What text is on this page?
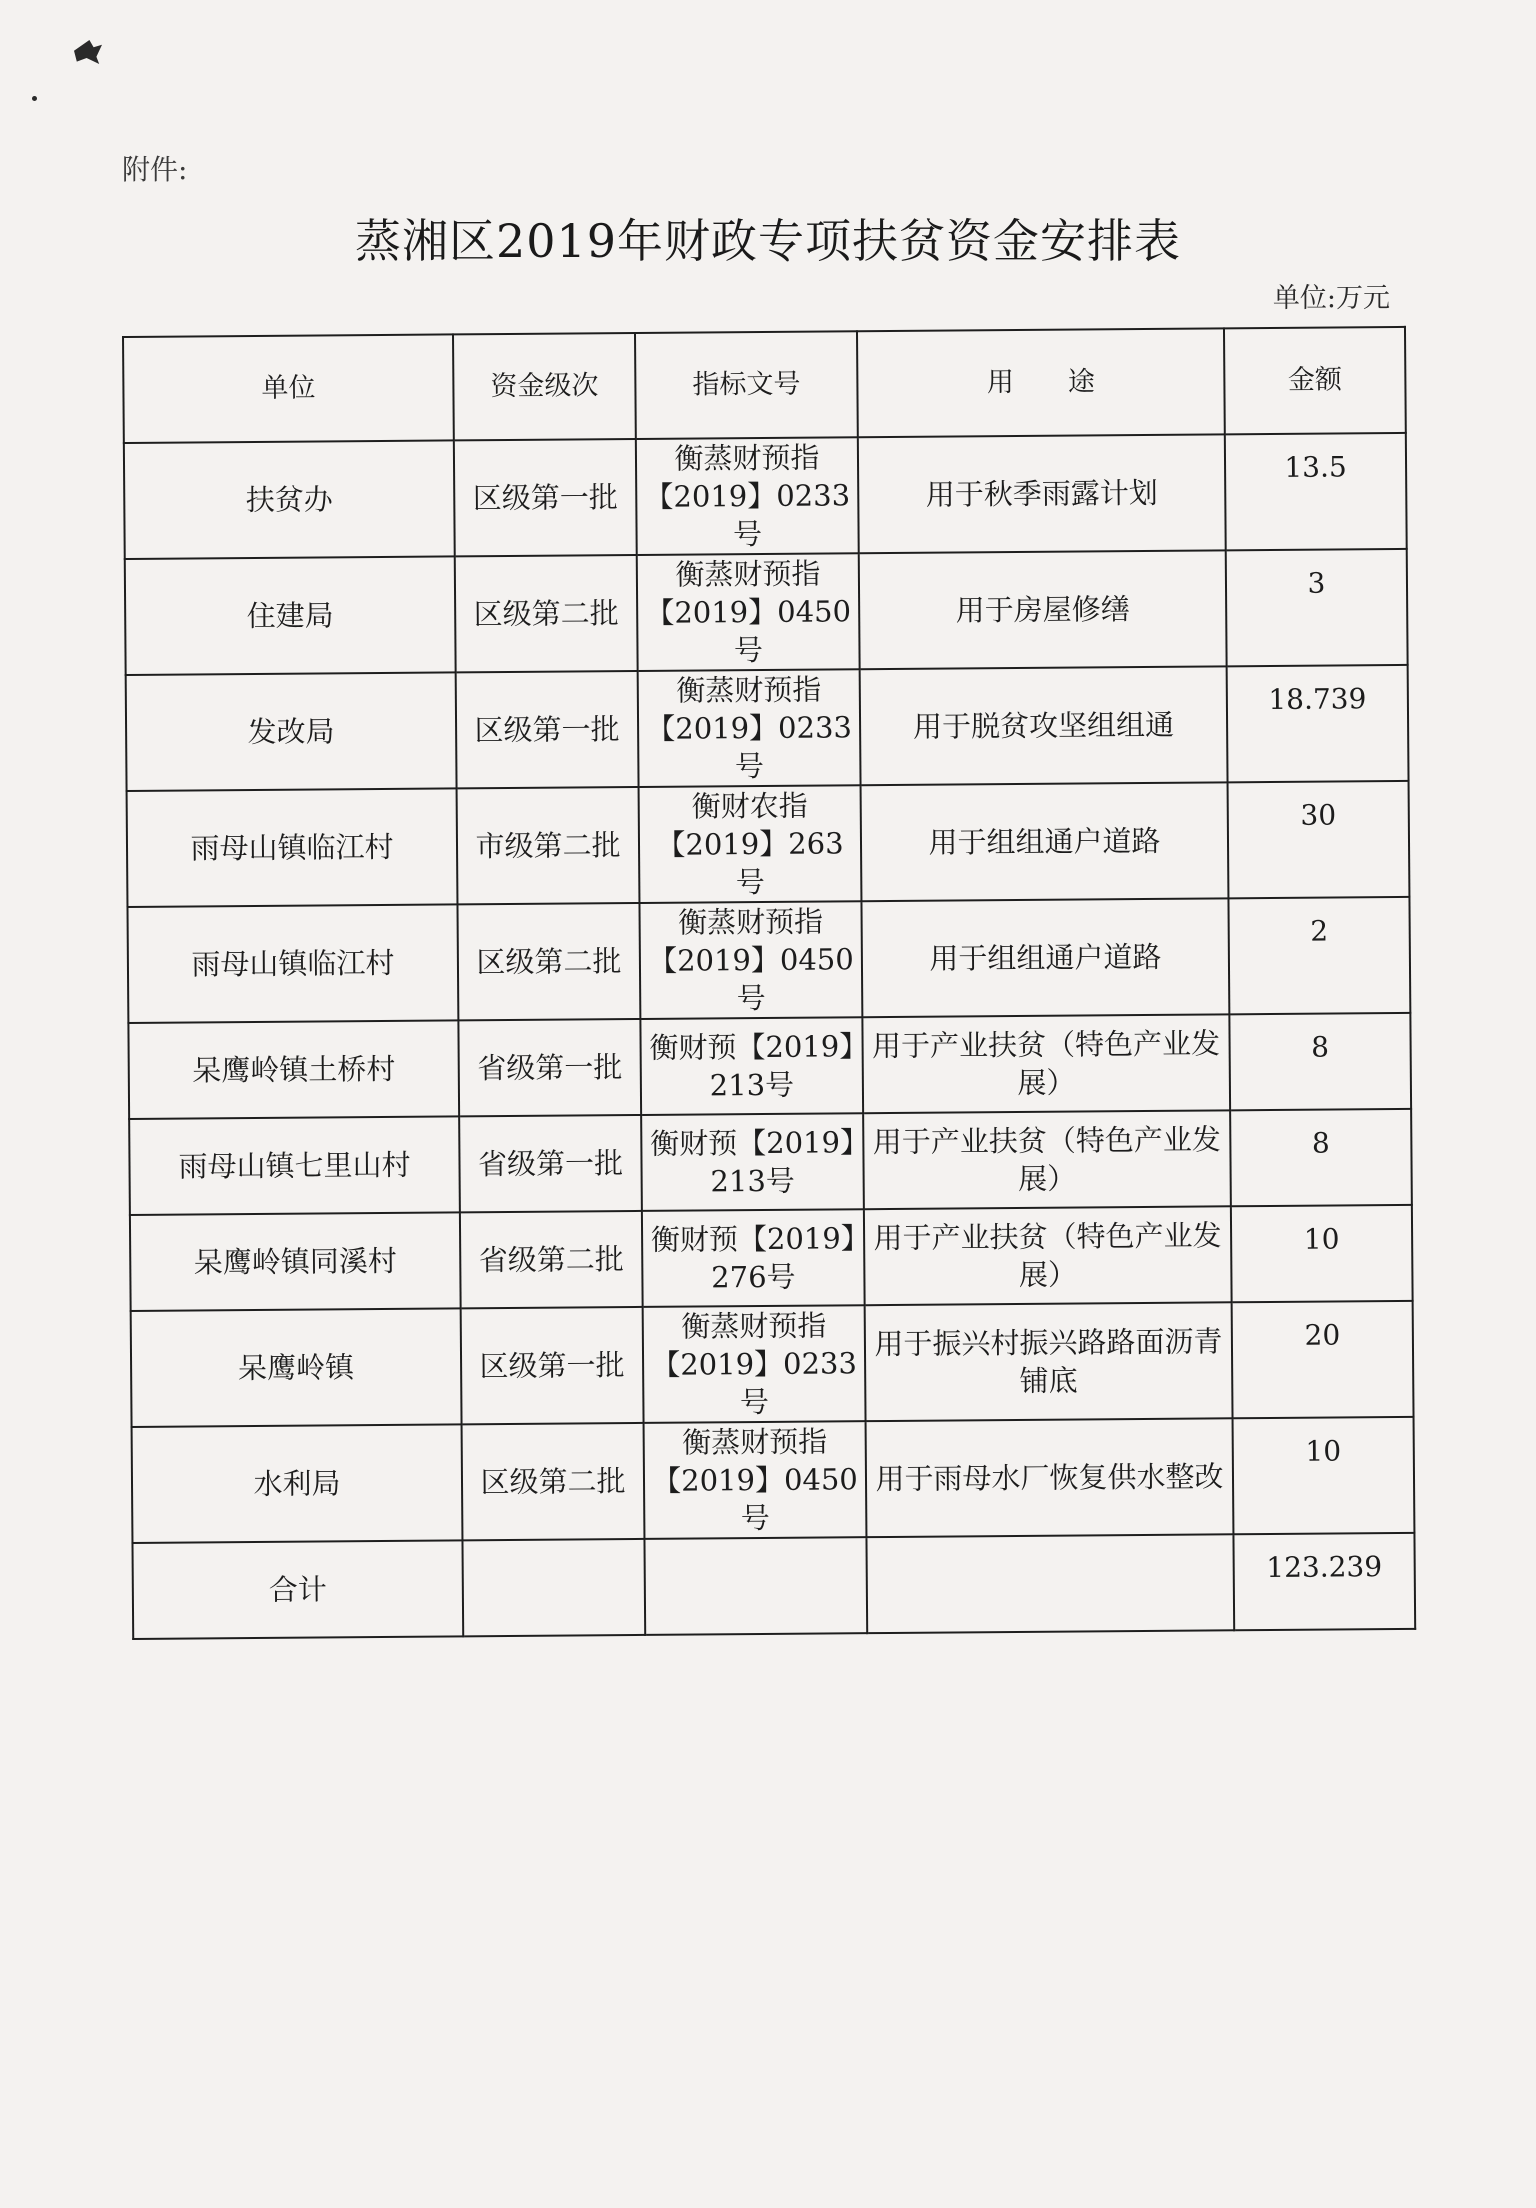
附件:
蒸湘区2019年财政专项扶贫资金安排表
单位:万元
单位	资金级次	指标文号	用　　途	金额
扶贫办	区级第一批	衡蒸财预指【2019】0233号	用于秋季雨露计划	13.5
住建局	区级第二批	衡蒸财预指【2019】0450号	用于房屋修缮	3
发改局	区级第一批	衡蒸财预指【2019】0233号	用于脱贫攻坚组组通	18.739
雨母山镇临江村	市级第二批	衡财农指【2019】263号	用于组组通户道路	30
雨母山镇临江村	区级第二批	衡蒸财预指【2019】0450号	用于组组通户道路	2
呆鹰岭镇土桥村	省级第一批	衡财预【2019】213号	用于产业扶贫（特色产业发展）	8
雨母山镇七里山村	省级第一批	衡财预【2019】213号	用于产业扶贫（特色产业发展）	8
呆鹰岭镇同溪村	省级第二批	衡财预【2019】276号	用于产业扶贫（特色产业发展）	10
呆鹰岭镇	区级第一批	衡蒸财预指【2019】0233号	用于振兴村振兴路路面沥青铺底	20
水利局	区级第二批	衡蒸财预指【2019】0450号	用于雨母水厂恢复供水整改	10
合计				123.239
